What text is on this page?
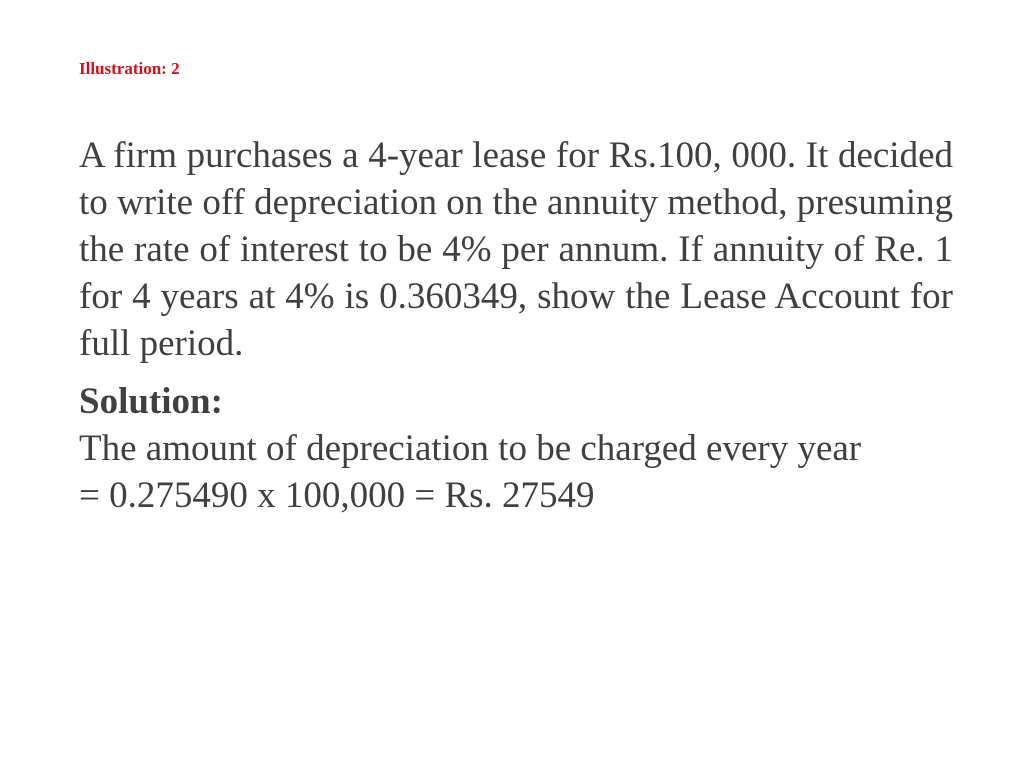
Illustration: 2

A firm purchases a 4-year lease for Rs.100, 000. It decided to write off depreciation on the annuity method, presuming the rate of interest to be 4% per annum. If annuity of Re. 1 for 4 years at 4% is 0.360349, show the Lease Account for full period.

Solution:

The amount of depreciation to be charged every year

= 0.275490 x 100,000 = Rs. 27549
